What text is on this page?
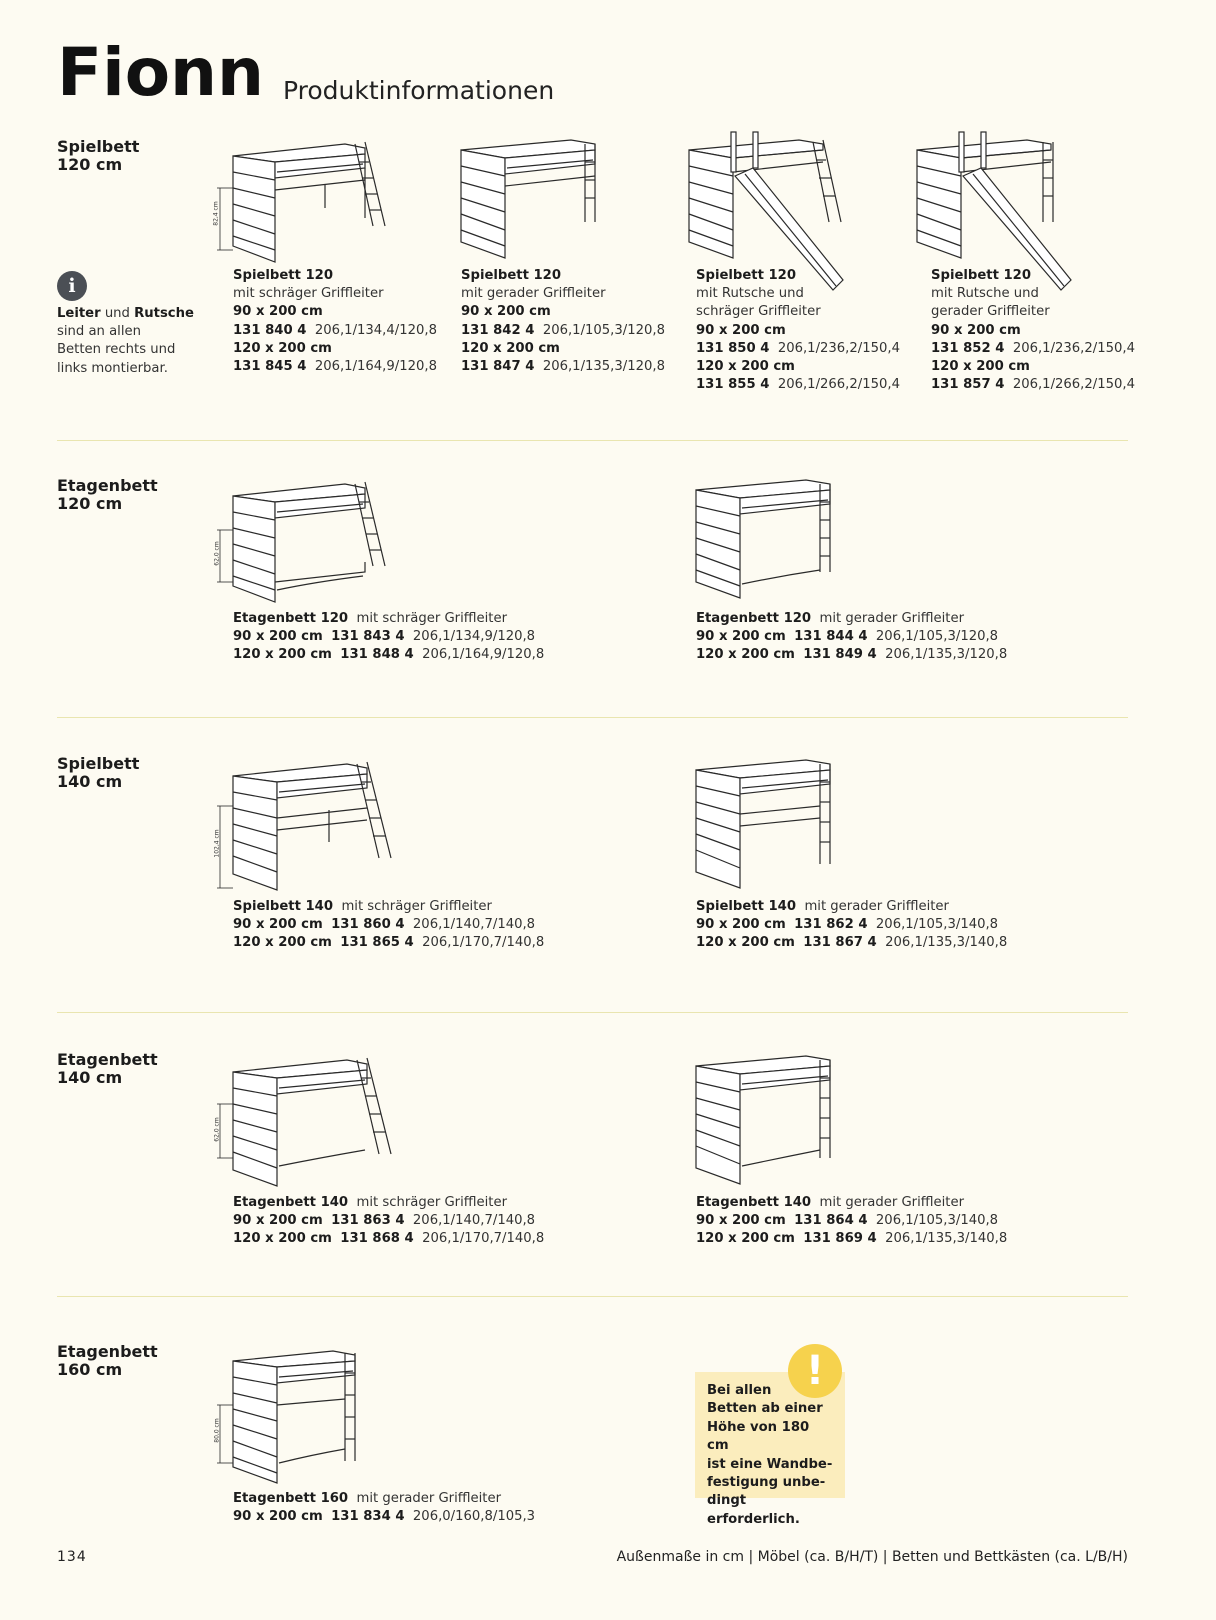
Fionn Produktinformationen
i
Leiter und Rutsche
sind an allen
Betten rechts und
links montierbar.
Spielbett
120 cm
82,4 cm
Spielbett 120
mit schräger Griffleiter
90 x 200 cm
131 840 4 206,1/134,4/120,8
120 x 200 cm
131 845 4 206,1/164,9/120,8
Spielbett 120
mit gerader Griffleiter
90 x 200 cm
131 842 4 206,1/105,3/120,8
120 x 200 cm
131 847 4 206,1/135,3/120,8
Spielbett 120
mit Rutsche und
schräger Griffleiter
90 x 200 cm
131 850 4 206,1/236,2/150,4
120 x 200 cm
131 855 4 206,1/266,2/150,4
Spielbett 120
mit Rutsche und
gerader Griffleiter
90 x 200 cm
131 852 4 206,1/236,2/150,4
120 x 200 cm
131 857 4 206,1/266,2/150,4
Etagenbett
120 cm
62,0 cm
Etagenbett 120 mit schräger Griffleiter
90 x 200 cm 131 843 4 206,1/134,9/120,8
120 x 200 cm 131 848 4 206,1/164,9/120,8
Etagenbett 120 mit gerader Griffleiter
90 x 200 cm 131 844 4 206,1/105,3/120,8
120 x 200 cm 131 849 4 206,1/135,3/120,8
Spielbett
140 cm
102,4 cm
Spielbett 140 mit schräger Griffleiter
90 x 200 cm 131 860 4 206,1/140,7/140,8
120 x 200 cm 131 865 4 206,1/170,7/140,8
Spielbett 140 mit gerader Griffleiter
90 x 200 cm 131 862 4 206,1/105,3/140,8
120 x 200 cm 131 867 4 206,1/135,3/140,8
Etagenbett
140 cm
62,0 cm
Etagenbett 140 mit schräger Griffleiter
90 x 200 cm 131 863 4 206,1/140,7/140,8
120 x 200 cm 131 868 4 206,1/170,7/140,8
Etagenbett 140 mit gerader Griffleiter
90 x 200 cm 131 864 4 206,1/105,3/140,8
120 x 200 cm 131 869 4 206,1/135,3/140,8
Etagenbett
160 cm
80,0 cm
Etagenbett 160 mit gerader Griffleiter
90 x 200 cm 131 834 4 206,0/160,8/105,3
Bei allen
Betten ab einer
Höhe von 180 cm
ist eine Wandbe-
festigung unbe-
dingt erforderlich.
!
134	Außenmaße in cm | Möbel (ca. B/H/T) | Betten und Bettkästen (ca. L/B/H)
